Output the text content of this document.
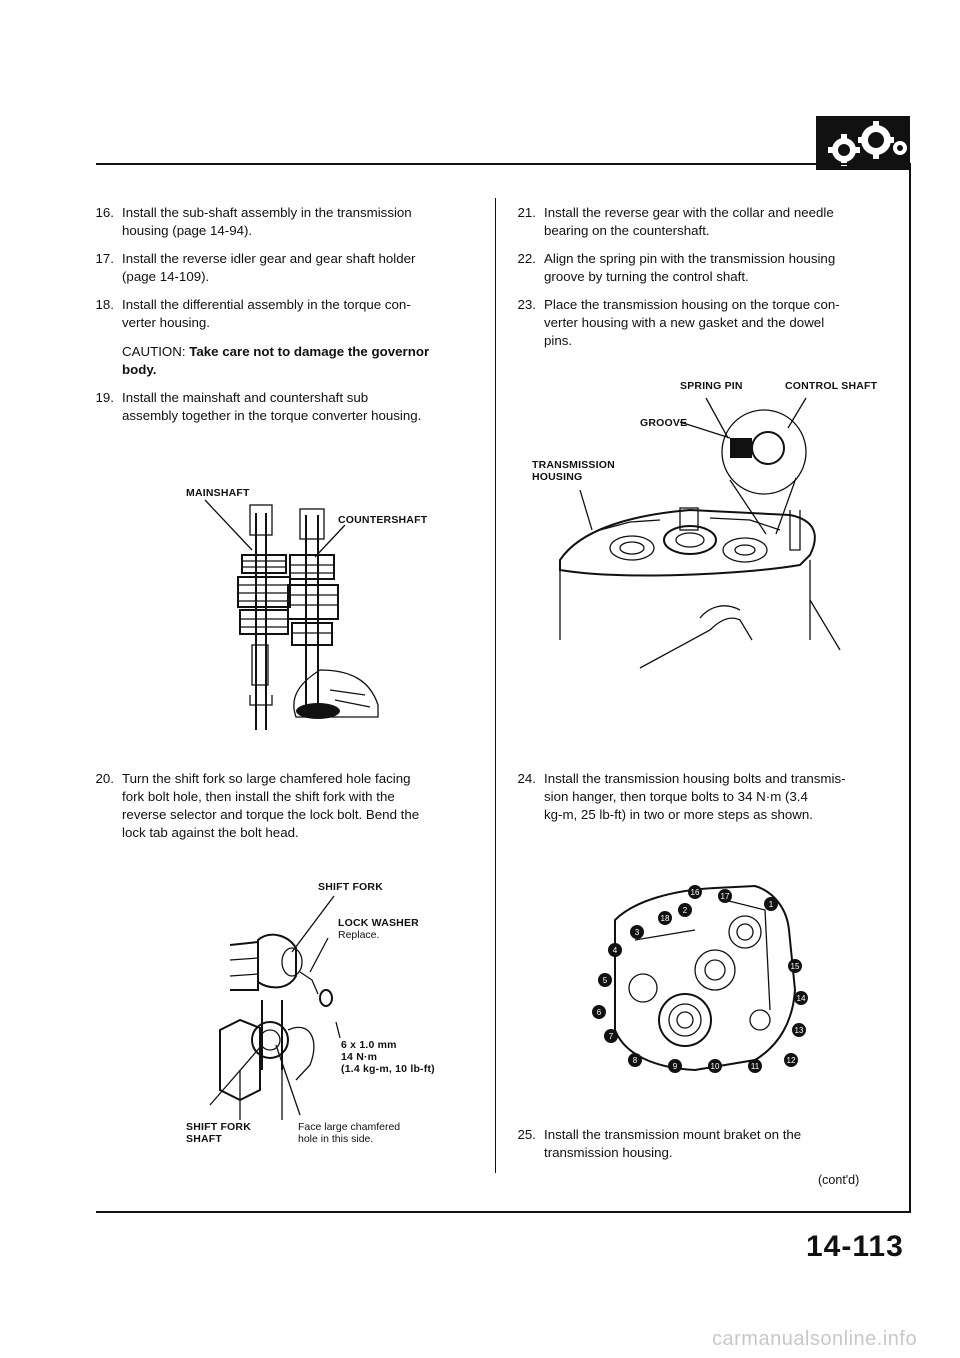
16. Install the sub-shaft assembly in the transmission
housing (page 14-94).
17. Install the reverse idler gear and gear shaft holder
(page 14-109).
18. Install the differential assembly in the torque con-
verter housing.
CAUTION: Take care not to damage the governor
body.
19. Install the mainshaft and countershaft sub
assembly together in the torque converter housing.
MAINSHAFT
COUNTERSHAFT
20. Turn the shift fork so large chamfered hole facing
fork bolt hole, then install the shift fork with the
reverse selector and torque the lock bolt. Bend the
lock tab against the bolt head.
SHIFT FORK
LOCK WASHER
Replace.
6 x 1.0 mm
14 N·m
(1.4 kg-m, 10 lb-ft)
SHIFT FORK
SHAFT
Face large chamfered
hole in this side.
21. Install the reverse gear with the collar and needle
bearing on the countershaft.
22. Align the spring pin with the transmission housing
groove by turning the control shaft.
23. Place the transmission housing on the torque con-
verter housing with a new gasket and the dowel
pins.
SPRING PIN	CONTROL SHAFT
GROOVE
TRANSMISSION
HOUSING
24. Install the transmission housing bolts and transmis-
sion hanger, then torque bolts to 34 N·m (3.4
kg-m, 25 lb-ft) in two or more steps as shown.
1
2
3
4
5
6
7
8
9	10	11
12
13
14
15
16	17
18
25. Install the transmission mount braket on the
transmission housing.
(cont'd)
14-113
carmanualsonline.info
